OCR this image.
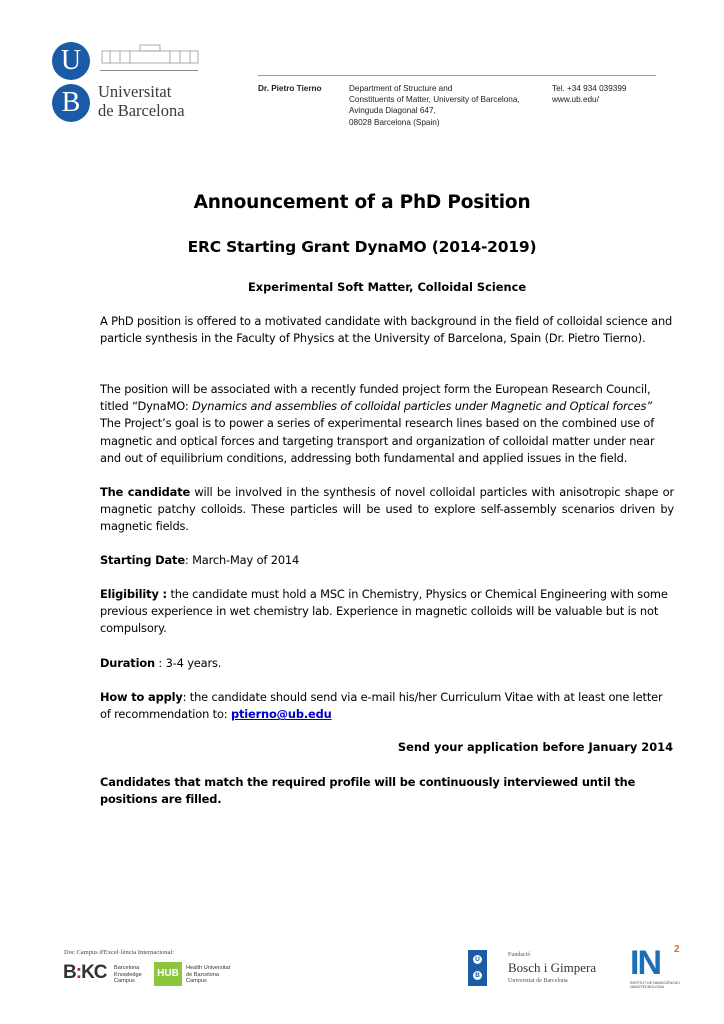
U
B	Universitat
de Barcelona
Dr. Pietro Tierno	Department of Structure and
Constituents of Matter, University of Barcelona,
Avinguda Diagonal 647,
08028 Barcelona (Spain)
Tel. +34 934 039399
www.ub.edu/
Announcement of a PhD Position
ERC Starting Grant DynaMO (2014-2019)
Experimental Soft Matter, Colloidal Science
A PhD position is offered to a motivated candidate with background in the field of colloidal science and particle synthesis in the Faculty of Physics at the University of Barcelona, Spain (Dr. Pietro Tierno).
The position will be associated with a recently funded project form the European Research Council, titled “DynaMO: Dynamics and assemblies of colloidal particles under Magnetic and Optical forces” The Project’s goal is to power a series of experimental research lines based on the combined use of magnetic and optical forces and targeting transport and organization of colloidal matter under near and out of equilibrium conditions, addressing both fundamental and applied issues in the field.
The candidate will be involved in the synthesis of novel colloidal particles with anisotropic shape or magnetic patchy colloids. These particles will be used to explore self-assembly scenarios driven by magnetic fields.
Starting Date: March-May of 2014
Eligibility : the candidate must hold a MSC in Chemistry, Physics or Chemical Engineering with some previous experience in wet chemistry lab. Experience in magnetic colloids will be valuable but is not compulsory.
Duration : 3-4 years.
How to apply: the candidate should send via e-mail his/her Curriculum Vitae with at least one letter of recommendation to: ptierno@ub.edu
Send your application before January 2014
Candidates that match the required profile will be continuously interviewed until the positions are filled.
Doc Campus d'Excel·lència Internacional:
B:KC Barcelona
Knowledge
Campus
HUB	Health Universitat
de Barcelona
Campus
U
B
Fundació
Bosch i Gimpera
Universitat de Barcelona IN 2
INSTITUT DE NANOCIÈNCIA I NANOTECNOLOGIA
